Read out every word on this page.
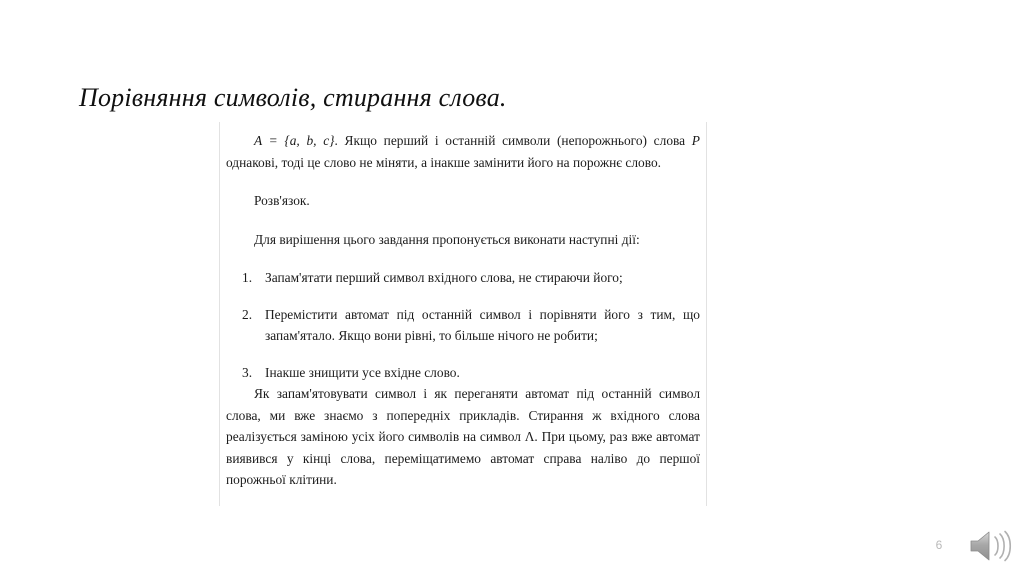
Порівняння символів, стирання слова.

A = {a, b, c}. Якщо перший і останній символи (непорожнього) слова P однакові, тоді це слово не міняти, а інакше замінити його на порожнє слово.

Розв'язок.

Для вирішення цього завдання пропонується виконати наступні дії:

1. Запам'ятати перший символ вхідного слова, не стираючи його;
2. Перемістити автомат під останній символ і порівняти його з тим, що запам'ятало. Якщо вони рівні, то більше нічого не робити;
3. Інакше знищити усе вхідне слово.

Як запам'ятовувати символ і як переганяти автомат під останній символ слова, ми вже знаємо з попередніх прикладів. Стирання ж вхідного слова реалізується заміною усіх його символів на символ Λ. При цьому, раз вже автомат виявився у кінці слова, переміщатимемо автомат справа наліво до першої порожньої клітини.

6
